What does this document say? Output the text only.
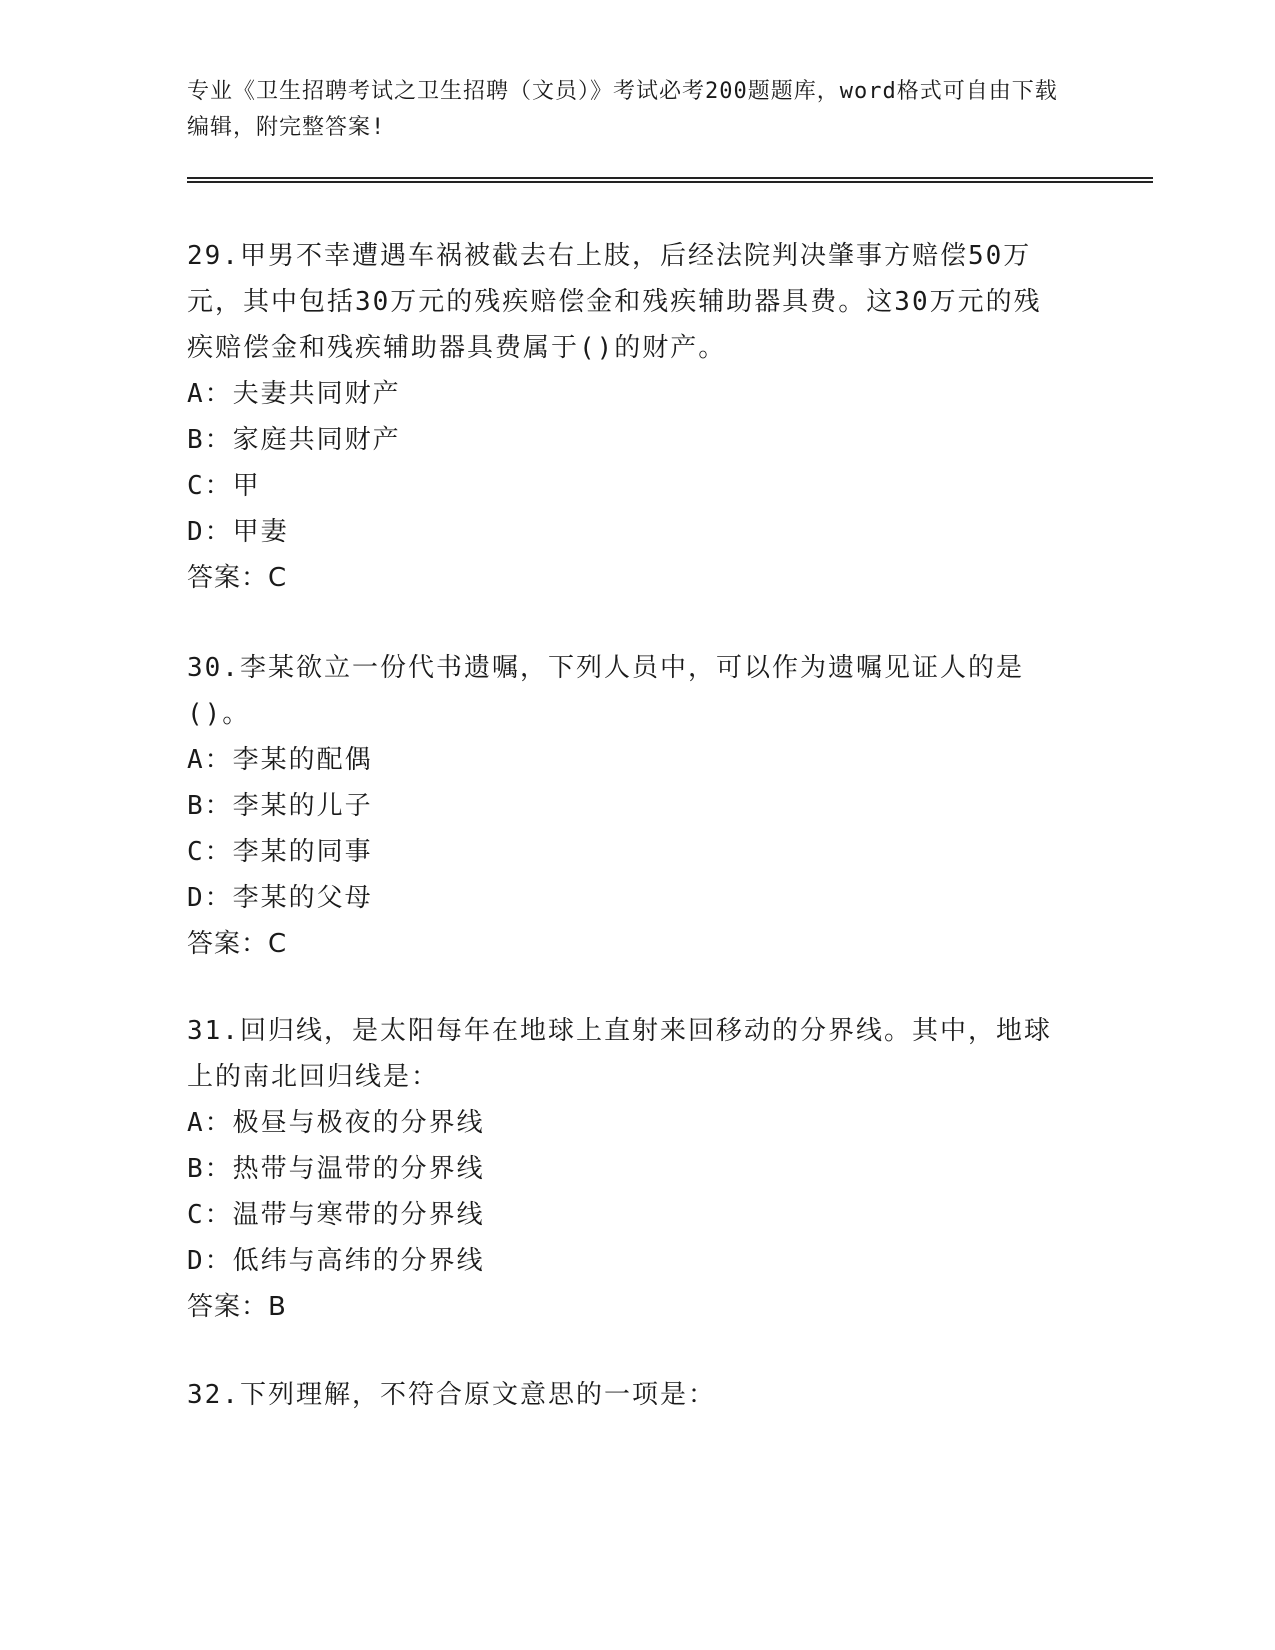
专业《卫生招聘考试之卫生招聘（文员）》考试必考200题题库，word格式可自由下载编辑，附完整答案!
29.甲男不幸遭遇车祸被截去右上肢，后经法院判决肇事方赔偿50万元，其中包括30万元的残疾赔偿金和残疾辅助器具费。这30万元的残疾赔偿金和残疾辅助器具费属于()的财产。
A：夫妻共同财产
B：家庭共同财产
C：甲
D：甲妻
答案：C
30.李某欲立一份代书遗嘱，下列人员中，可以作为遗嘱见证人的是()。
A：李某的配偶
B：李某的儿子
C：李某的同事
D：李某的父母
答案：C
31.回归线，是太阳每年在地球上直射来回移动的分界线。其中，地球上的南北回归线是：
A：极昼与极夜的分界线
B：热带与温带的分界线
C：温带与寒带的分界线
D：低纬与高纬的分界线
答案：B
32.下列理解，不符合原文意思的一项是：
